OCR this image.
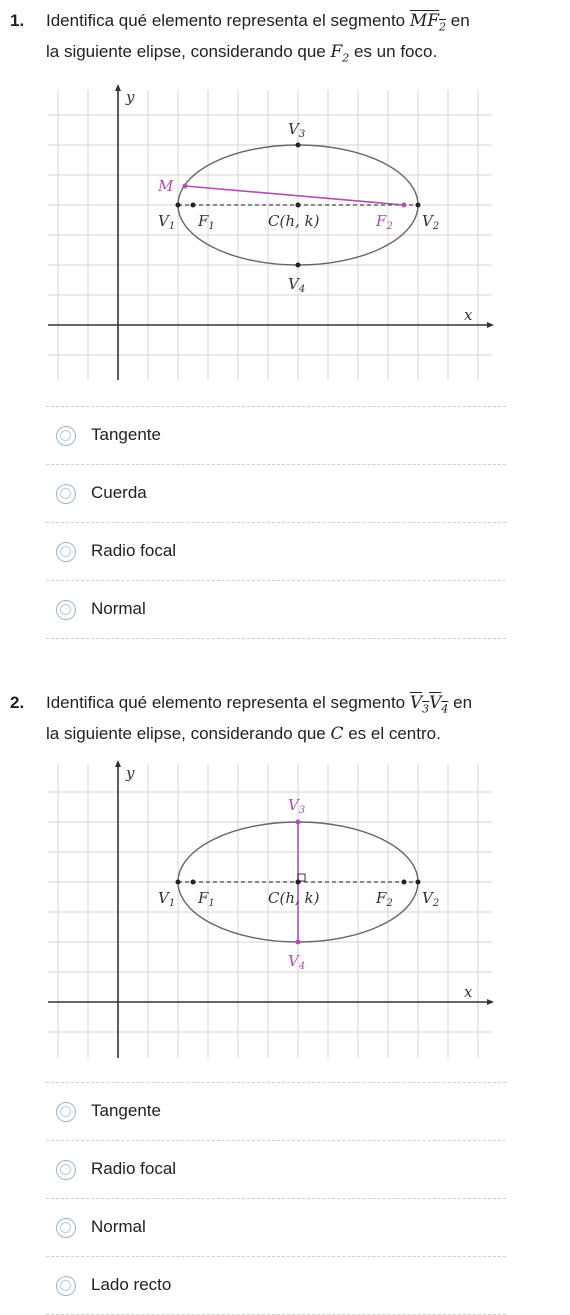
1. Identifica qué elemento representa el segmento $MF_2$ en
la siguiente elipse, considerando que $F_2$ es un foco.
y
x
$V_3$
$V_4$
$V_1$	$V_2$
$F_1$	$F_2$
M
C(h, k)
Tangente
Cuerda
Radio focal
Normal
2. Identifica qué elemento representa el segmento $V_3V_4$ en
la siguiente elipse, considerando que C es el centro.
y
x
$V_3$
$V_4$
$V_1$	$V_2$
$F_1$	$F_2$
C(h, k)
Tangente
Radio focal
Normal
Lado recto
